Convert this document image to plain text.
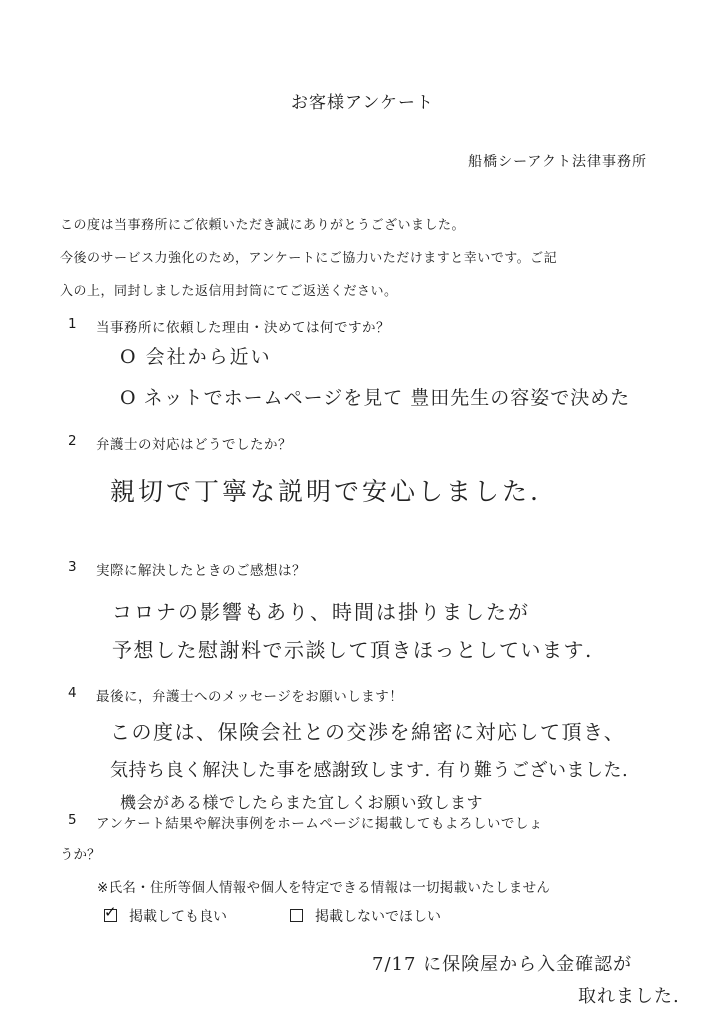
お客様アンケート
船橋シーアクト法律事務所
この度は当事務所にご依頼いただき誠にありがとうございました。
今後のサービス力強化のため，アンケートにご協力いただけますと幸いです。ご記
入の上，同封しました返信用封筒にてご返送ください。
1 当事務所に依頼した理由・決めては何ですか？
O 会社から近い
O ネットでホームページを見て 豊田先生の容姿で決めた
2 弁護士の対応はどうでしたか？
親切で丁寧な説明で安心しました.
3 実際に解決したときのご感想は？
コロナの影響もあり、時間は掛りましたが
予想した慰謝料で示談して頂きほっとしています.
4 最後に，弁護士へのメッセージをお願いします！
この度は、保険会社との交渉を綿密に対応して頂き、
気持ち良く解決した事を感謝致します. 有り難うございました.
機会がある様でしたらまた宜しくお願い致します
5 アンケート結果や解決事例をホームページに掲載してもよろしいでしょ
うか？
※氏名・住所等個人情報や個人を特定できる情報は一切掲載いたしません
✓ 掲載しても良い	掲載しないでほしい
7/17 に保険屋から入金確認が
取れました.
